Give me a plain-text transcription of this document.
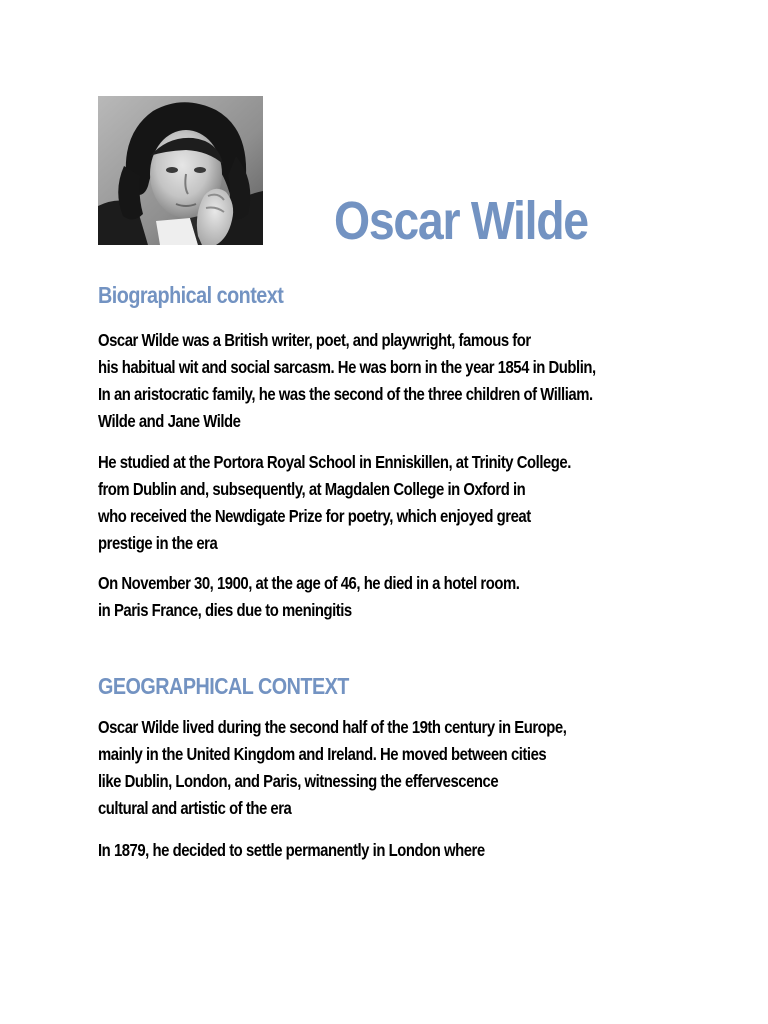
Oscar Wilde
Biographical context
Oscar Wilde was a British writer, poet, and playwright, famous for
his habitual wit and social sarcasm. He was born in the year 1854 in Dublin,
In an aristocratic family, he was the second of the three children of William.
Wilde and Jane Wilde
He studied at the Portora Royal School in Enniskillen, at Trinity College.
from Dublin and, subsequently, at Magdalen College in Oxford in
who received the Newdigate Prize for poetry, which enjoyed great
prestige in the era
On November 30, 1900, at the age of 46, he died in a hotel room.
in Paris France, dies due to meningitis
GEOGRAPHICAL CONTEXT
Oscar Wilde lived during the second half of the 19th century in Europe,
mainly in the United Kingdom and Ireland. He moved between cities
like Dublin, London, and Paris, witnessing the effervescence
cultural and artistic of the era
In 1879, he decided to settle permanently in London where
